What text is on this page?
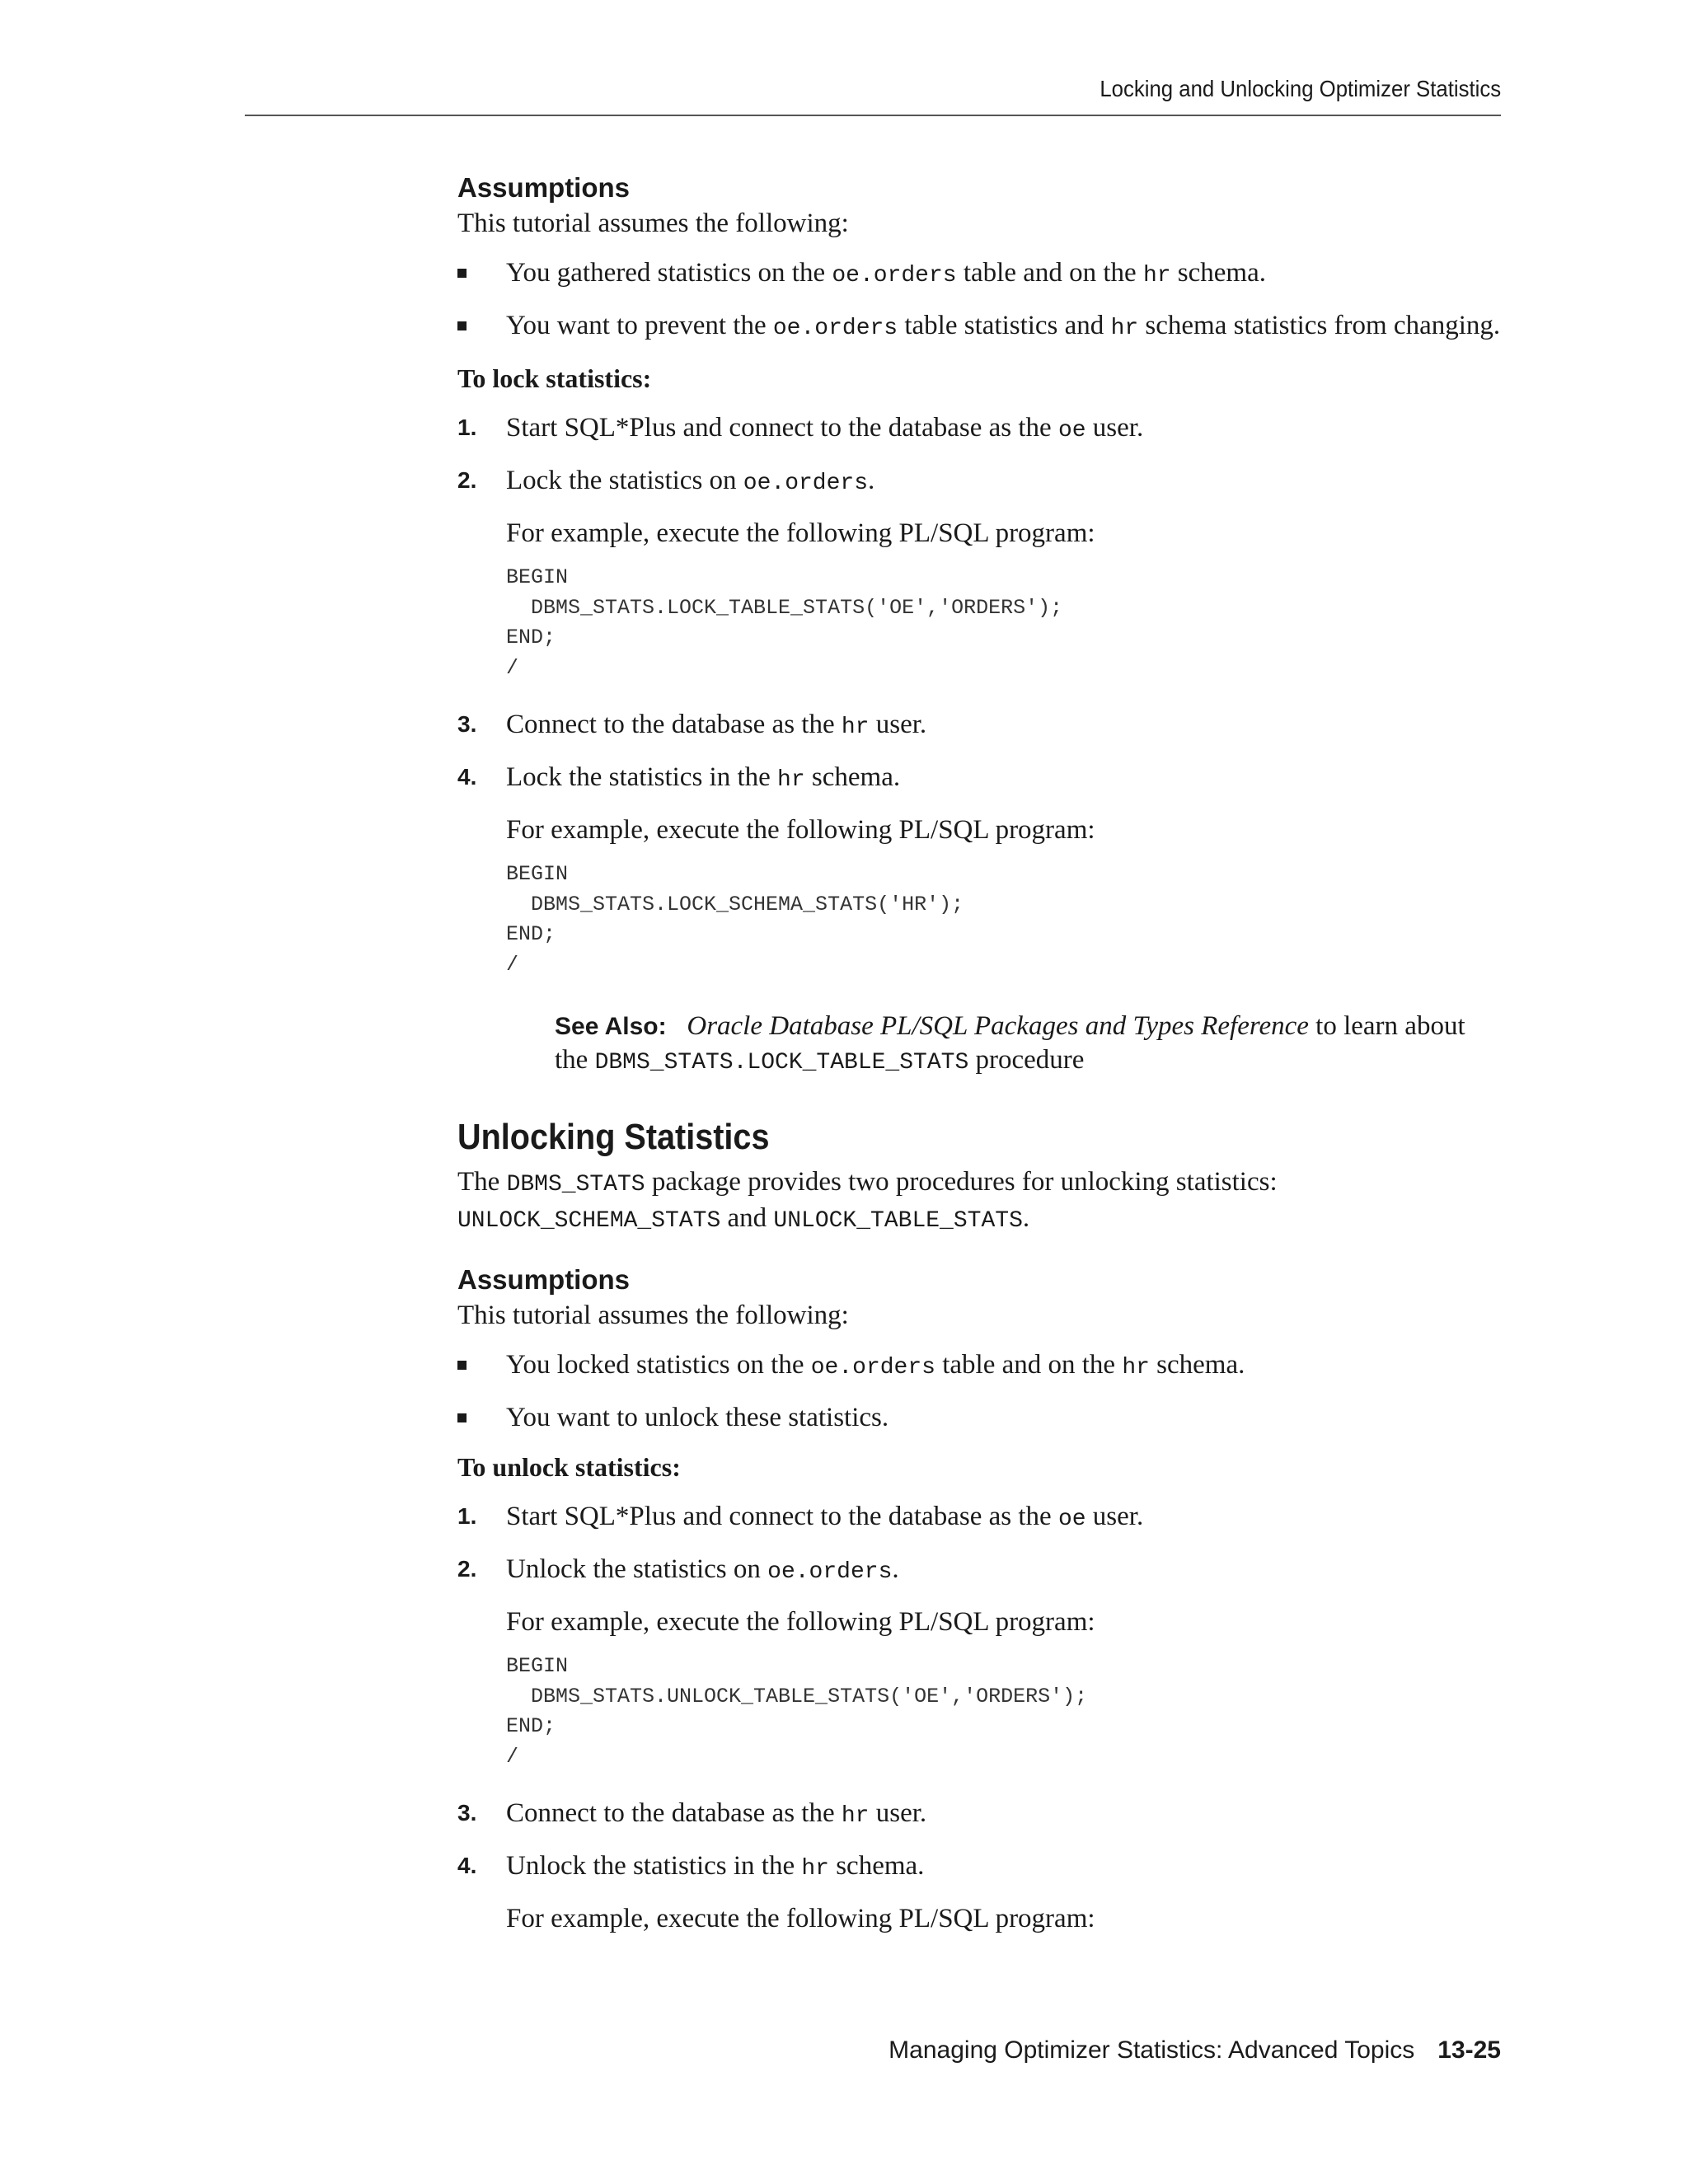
Locking and Unlocking Optimizer Statistics
Assumptions

This tutorial assumes the following:

You gathered statistics on the oe.orders table and on the hr schema.
You want to prevent the oe.orders table statistics and hr schema statistics from changing.

To lock statistics:

1. Start SQL*Plus and connect to the database as the oe user.
2. Lock the statistics on oe.orders.

For example, execute the following PL/SQL program:

BEGIN
DBMS_STATS.LOCK_TABLE_STATS('OE','ORDERS');
END;
/
3. Connect to the database as the hr user.
4. Lock the statistics in the hr schema.

For example, execute the following PL/SQL program:

BEGIN
DBMS_STATS.LOCK_SCHEMA_STATS('HR');
END;
/
See Also: Oracle Database PL/SQL Packages and Types Reference to learn about the DBMS_STATS.LOCK_TABLE_STATS procedure
Unlocking Statistics

The DBMS_STATS package provides two procedures for unlocking statistics: UNLOCK_SCHEMA_STATS and UNLOCK_TABLE_STATS.

Assumptions

This tutorial assumes the following:

You locked statistics on the oe.orders table and on the hr schema.
You want to unlock these statistics.

To unlock statistics:

1. Start SQL*Plus and connect to the database as the oe user.
2. Unlock the statistics on oe.orders.

For example, execute the following PL/SQL program:

BEGIN
DBMS_STATS.UNLOCK_TABLE_STATS('OE','ORDERS');
END;
/
3. Connect to the database as the hr user.
4. Unlock the statistics in the hr schema.

For example, execute the following PL/SQL program:

Managing Optimizer Statistics: Advanced Topics 13-25
